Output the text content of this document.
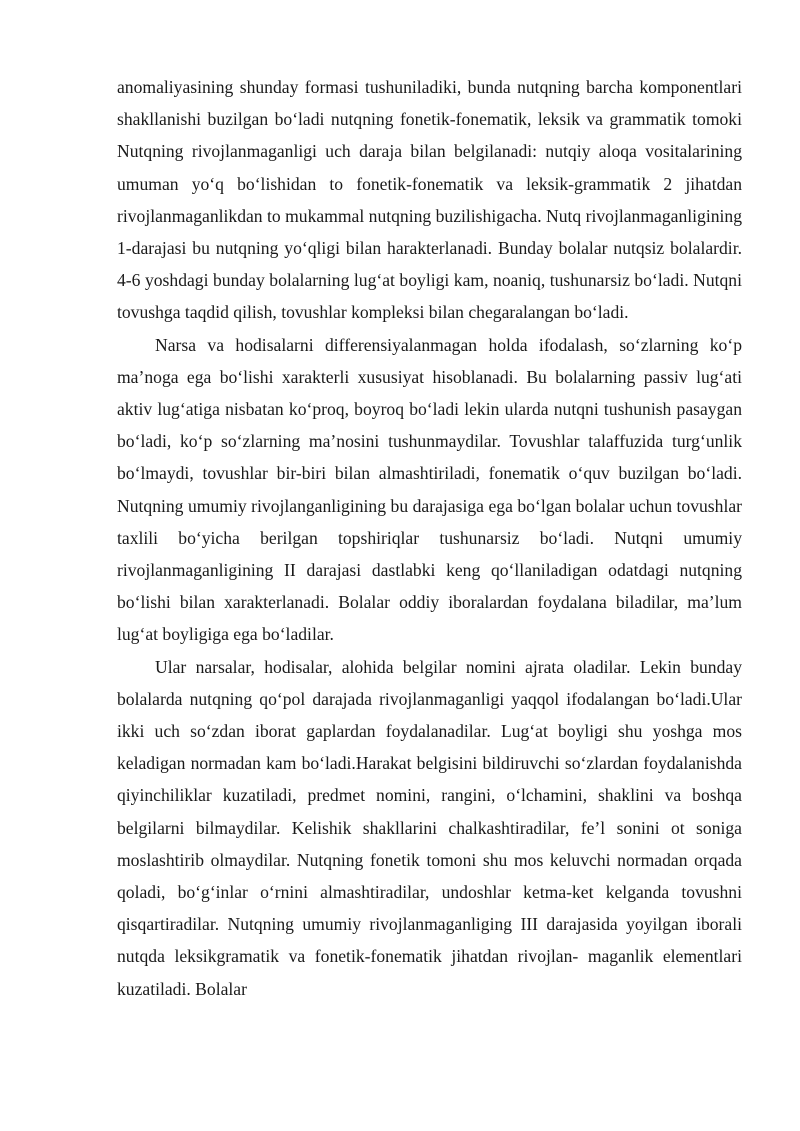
anomaliyasining shunday formasi tushuniladiki, bunda nutqning barcha komponentlari shakllanishi buzilgan bo‘ladi nutqning fonetik-fonematik, leksik va grammatik tomoki Nutqning rivojlanmaganligi uch daraja bilan belgilanadi: nutqiy aloqa vositalarining umuman yo‘q bo‘lishidan to fonetik-fonematik va leksik-grammatik 2 jihatdan rivojlanmaganlikdan to mukammal nutqning buzilishigacha. Nutq rivojlanmaganligining 1-darajasi bu nutqning yo‘qligi bilan harakterlanadi. Bunday bolalar nutqsiz bolalardir. 4-6 yoshdagi bunday bolalarning lug‘at boyligi kam, noaniq, tushunarsiz bo‘ladi. Nutqni tovushga taqdid qilish, tovushlar kompleksi bilan chegaralangan bo‘ladi.

Narsa va hodisalarni differensiyalanmagan holda ifodalash, so‘zlarning ko‘p ma’noga ega bo‘lishi xarakterli xususiyat hisoblanadi. Bu bolalarning passiv lug‘ati aktiv lug‘atiga nisbatan ko‘proq, boyroq bo‘ladi lekin ularda nutqni tushunish pasaygan bo‘ladi, ko‘p so‘zlarning ma’nosini tushunmaydilar. Tovushlar talaffuzida turg‘unlik bo‘lmaydi, tovushlar bir-biri bilan almashtiriladi, fonematik o‘quv buzilgan bo‘ladi. Nutqning umumiy rivojlanganligining bu darajasiga ega bo‘lgan bolalar uchun tovushlar taxlili bo‘yicha berilgan topshiriqlar tushunarsiz bo‘ladi. Nutqni umumiy rivojlanmaganligining II darajasi dastlabki keng qo‘llaniladigan odatdagi nutqning bo‘lishi bilan xarakterlanadi. Bolalar oddiy iboralardan foydalana biladilar, ma’lum lug‘at boyligiga ega bo‘ladilar.

Ular narsalar, hodisalar, alohida belgilar nomini ajrata oladilar. Lekin bunday bolalarda nutqning qo‘pol darajada rivojlanmaganligi yaqqol ifodalangan bo‘ladi.Ular ikki uch so‘zdan iborat gaplardan foydalanadilar. Lug‘at boyligi shu yoshga mos keladigan normadan kam bo‘ladi.Harakat belgisini bildiruvchi so‘zlardan foydalanishda qiyinchiliklar kuzatiladi, predmet nomini, rangini, o‘lchamini, shaklini va boshqa belgilarni bilmaydilar. Kelishik shakllarini chalkashtiradilar, fe’l sonini ot soniga moslashtirib olmaydilar. Nutqning fonetik tomoni shu mos keluvchi normadan orqada qoladi, bo‘g‘inlar o‘rnini almashtiradilar, undoshlar ketma-ket kelganda tovushni qisqartiradilar. Nutqning umumiy rivojlanmaganliging III darajasida yoyilgan iborali nutqda leksikgramatik va fonetik-fonematik jihatdan rivojlan- maganlik elementlari kuzatiladi. Bolalar
